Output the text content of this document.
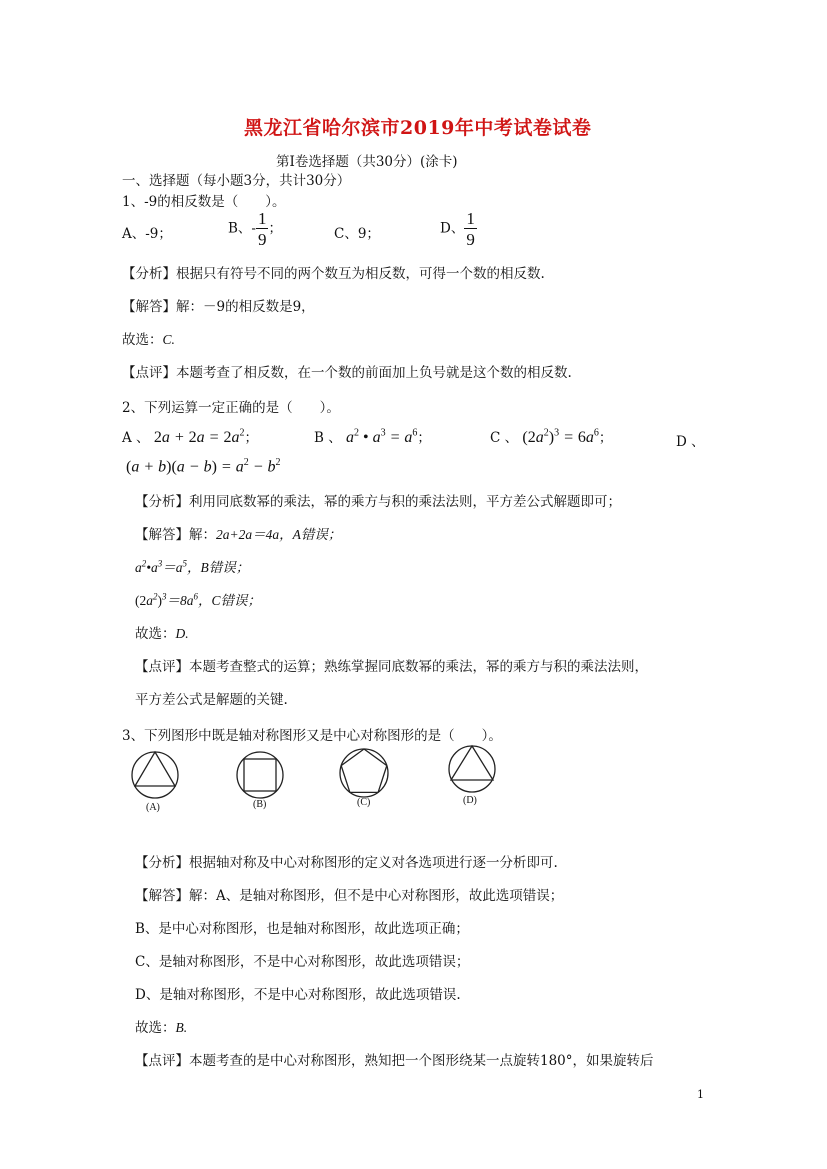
黑龙江省哈尔滨市2019年中考试卷试卷
第Ⅰ卷选择题（共30分）(涂卡)
一、选择题（每小题3分，共计30分）
1、-9的相反数是（　　）。
A、-9；	B、- $\frac{1}{9}$ ；	C、9；	D、 $\frac{1}{9}$
【分析】根据只有符号不同的两个数互为相反数，可得一个数的相反数.
【解答】解：－9的相反数是9，
故选：C.
【点评】本题考查了相反数，在一个数的前面加上负号就是这个数的相反数.
2、下列运算一定正确的是（　　）。
A 、 $2a + 2a = 2a^2$；	B 、 $a^2$ • $a^3 = a^6$；	C 、 $(2a^2)^3 = 6a^6$；	D 、
$(a + b)(a - b) = a^2 - b^2$
【分析】利用同底数幂的乘法，幂的乘方与积的乘法法则，平方差公式解题即可；
【解答】解：2a+2a＝4a，A错误；
$a^2•a^3=a^5$，B错误；
$(2a^2)^3=8a^6$，C错误；
故选：D.
【点评】本题考查整式的运算；熟练掌握同底数幂的乘法，幂的乘方与积的乘法法则，
平方差公式是解题的关键.
3、下列图形中既是轴对称图形又是中心对称图形的是（　　）。
(A)	(B)	(C)	(D)
【分析】根据轴对称及中心对称图形的定义对各选项进行逐一分析即可.
【解答】解：A、是轴对称图形，但不是中心对称图形，故此选项错误；
B、是中心对称图形，也是轴对称图形，故此选项正确；
C、是轴对称图形，不是中心对称图形，故此选项错误；
D、是轴对称图形，不是中心对称图形，故此选项错误.
故选：B.
【点评】本题考查的是中心对称图形，熟知把一个图形绕某一点旋转180°，如果旋转后
1
